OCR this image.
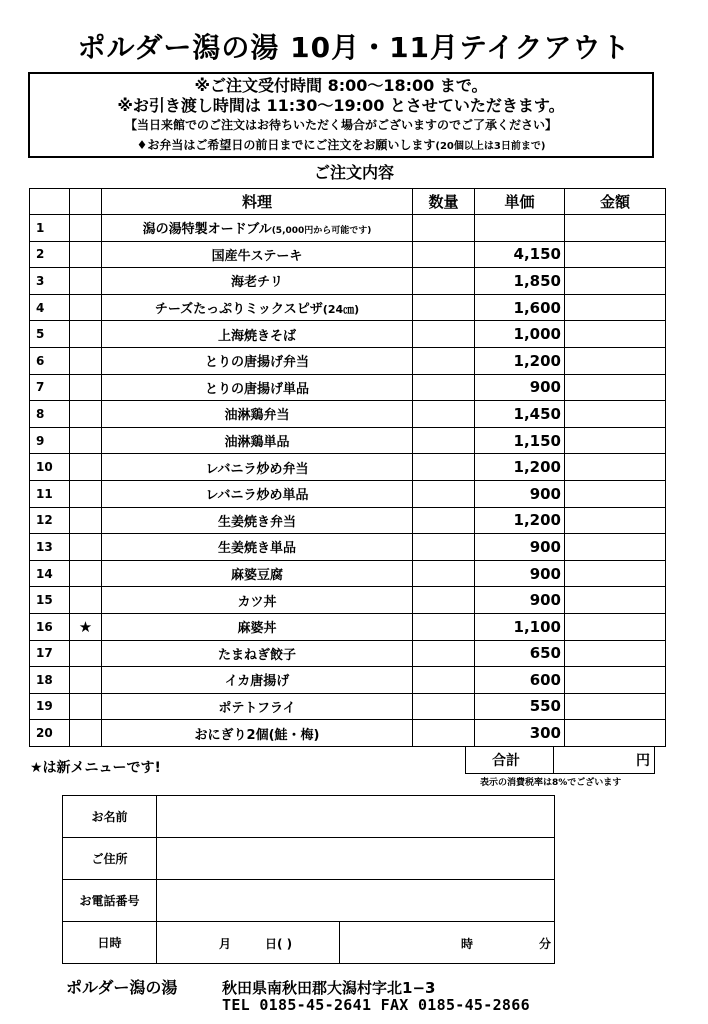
ポルダー潟の湯 10月・11月テイクアウト
※ご注文受付時間 8:00〜18:00 まで。
※お引き渡し時間は 11:30〜19:00 とさせていただきます。
【当日来館でのご注文はお待ちいただく場合がございますのでご了承ください】
♦お弁当はご希望日の前日までにご注文をお願いします(20個以上は3日前まで)
ご注文内容
		料理	数量	単価	金額
1		潟の湯特製オードブル(5,000円から可能です)			
2		国産牛ステーキ		4,150	
3		海老チリ		1,850	
4		チーズたっぷりミックスピザ(24㎝)		1,600	
5		上海焼きそば		1,000	
6		とりの唐揚げ弁当		1,200	
7		とりの唐揚げ単品		900	
8		油淋鶏弁当		1,450	
9		油淋鶏単品		1,150	
10		レバニラ炒め弁当		1,200	
11		レバニラ炒め単品		900	
12		生姜焼き弁当		1,200	
13		生姜焼き単品		900	
14		麻婆豆腐		900	
15		カツ丼		900	
16	★	麻婆丼		1,100	
17		たまねぎ餃子		650	
18		イカ唐揚げ		600	
19		ポテトフライ		550	
20		おにぎり2個(鮭・梅)		300	
★は新メニューです!	合計	円
表示の消費税率は8%でございます
お名前	
ご住所	
お電話番号	
日時	月 日( ) 時 分
ポルダー潟の湯	秋田県南秋田郡大潟村字北1−3
TEL 0185-45-2641 FAX 0185-45-2866
